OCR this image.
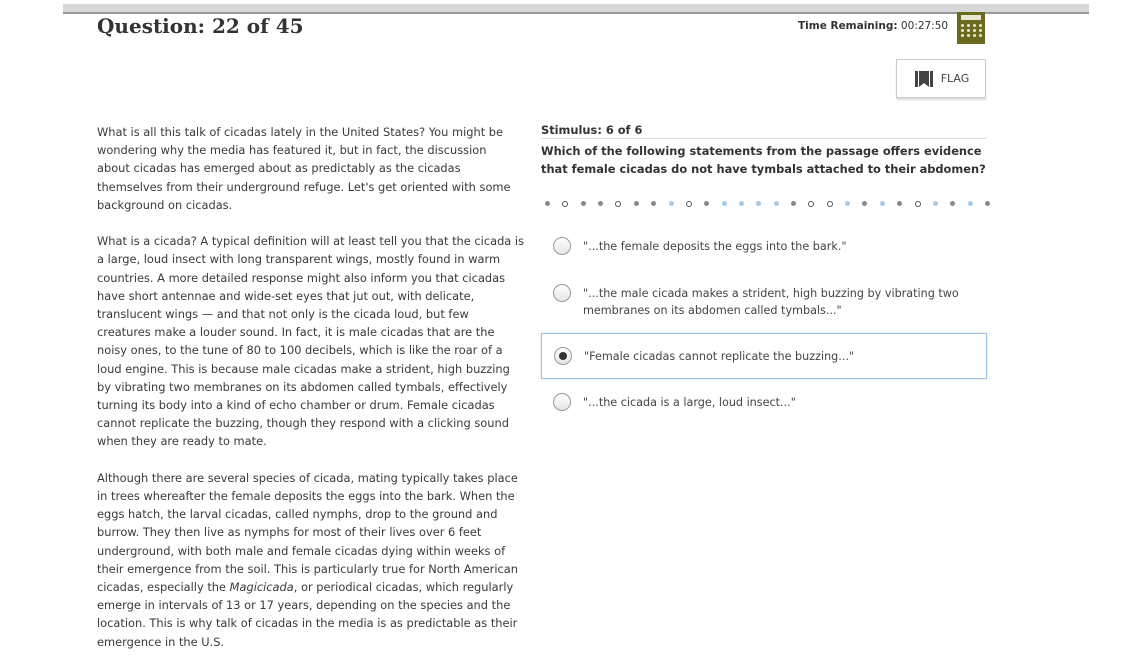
Question: 22 of 45	Time Remaining: 00:27:50
FLAG

What is all this talk of cicadas lately in the United States? You might be
wondering why the media has featured it, but in fact, the discussion
about cicadas has emerged about as predictably as the cicadas
themselves from their underground refuge. Let's get oriented with some
background on cicadas.

What is a cicada? A typical definition will at least tell you that the cicada is
a large, loud insect with long transparent wings, mostly found in warm
countries. A more detailed response might also inform you that cicadas
have short antennae and wide-set eyes that jut out, with delicate,
translucent wings — and that not only is the cicada loud, but few
creatures make a louder sound. In fact, it is male cicadas that are the
noisy ones, to the tune of 80 to 100 decibels, which is like the roar of a
loud engine. This is because male cicadas make a strident, high buzzing
by vibrating two membranes on its abdomen called tymbals, effectively
turning its body into a kind of echo chamber or drum. Female cicadas
cannot replicate the buzzing, though they respond with a clicking sound
when they are ready to mate.

Although there are several species of cicada, mating typically takes place
in trees whereafter the female deposits the eggs into the bark. When the
eggs hatch, the larval cicadas, called nymphs, drop to the ground and
burrow. They then live as nymphs for most of their lives over 6 feet
underground, with both male and female cicadas dying within weeks of
their emergence from the soil. This is particularly true for North American
cicadas, especially the Magicicada, or periodical cicadas, which regularly
emerge in intervals of 13 or 17 years, depending on the species and the
location. This is why talk of cicadas in the media is as predictable as their
emergence in the U.S.

Stimulus: 6 of 6
Which of the following statements from the passage offers evidence that female cicadas do not have tymbals attached to their abdomen?
"...the female deposits the eggs into the bark."
"...the male cicada makes a strident, high buzzing by vibrating two membranes on its abdomen called tymbals..."
"Female cicadas cannot replicate the buzzing..."
"...the cicada is a large, loud insect..."
